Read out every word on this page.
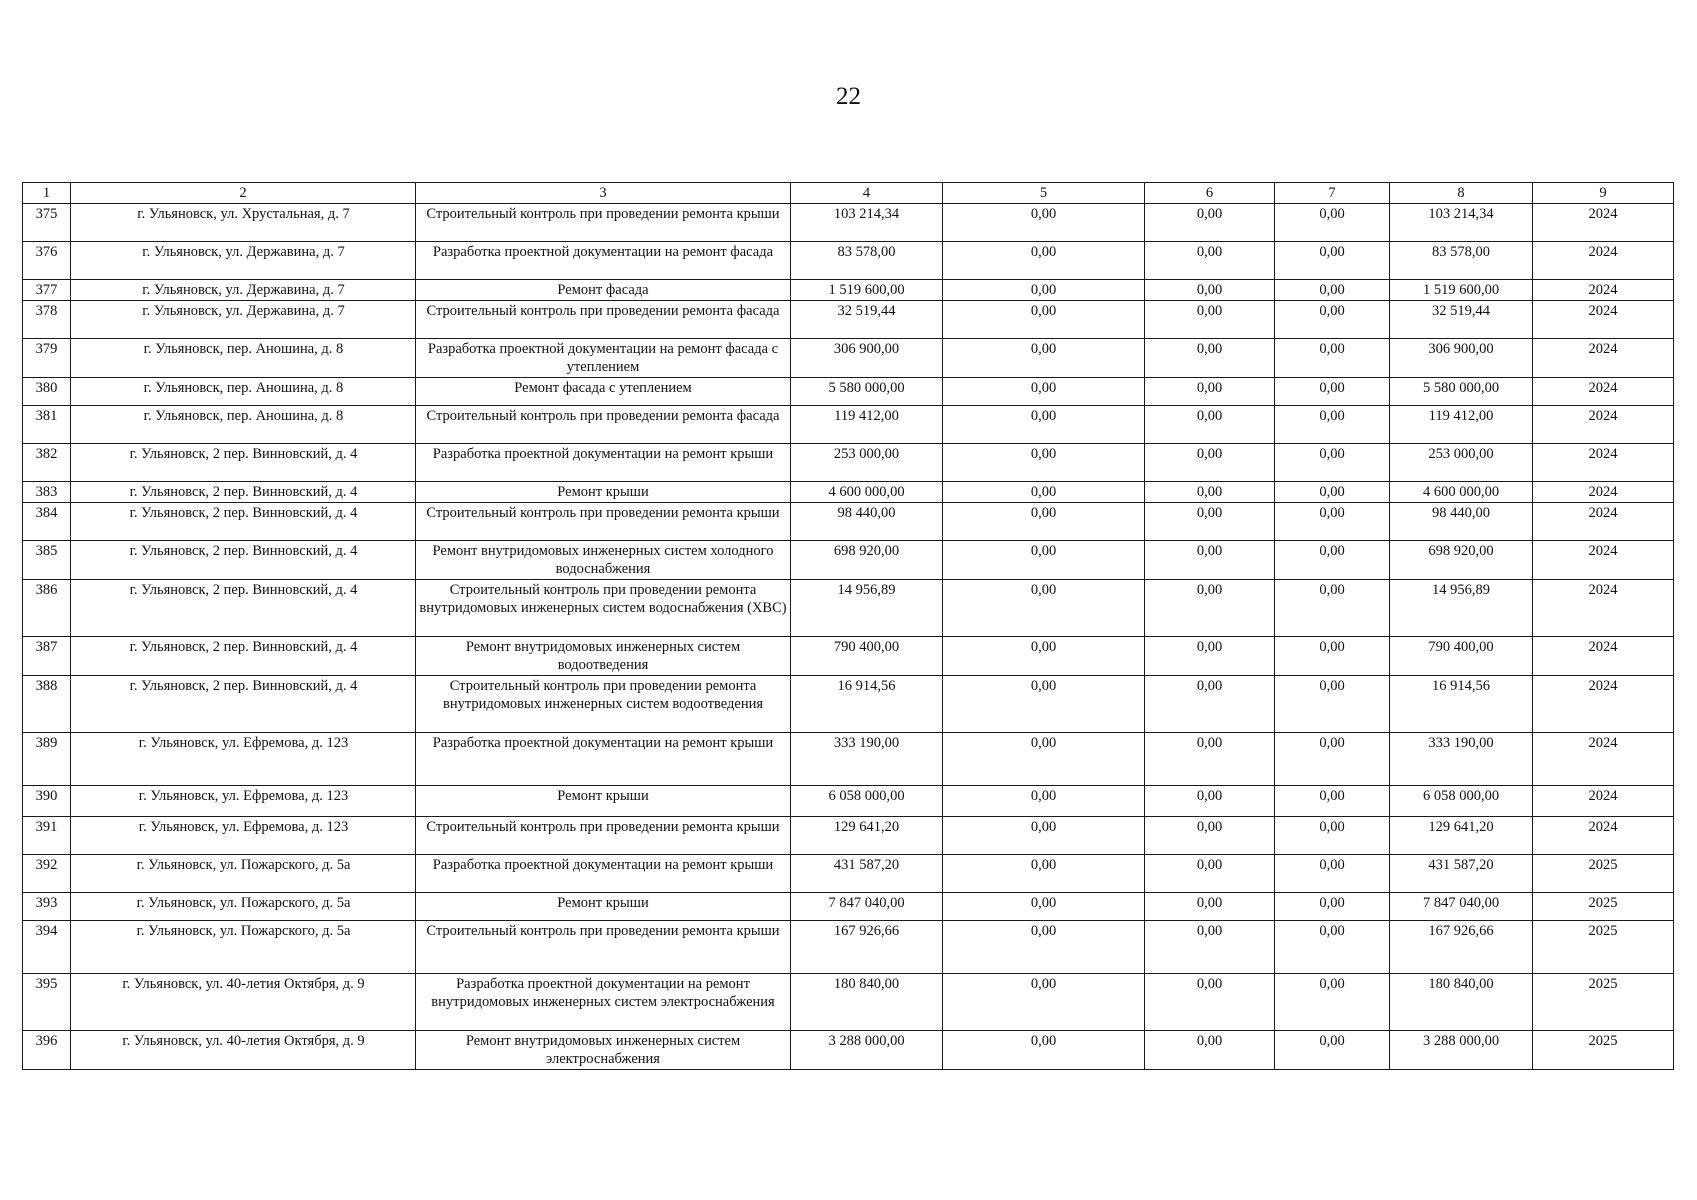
22
1	2	3	4	5	6	7	8	9
375	г. Ульяновск, ул. Хрустальная, д. 7	Строительный контроль при проведении ремонта крыши	103 214,34	0,00	0,00	0,00	103 214,34	2024
376	г. Ульяновск, ул. Державина, д. 7	Разработка проектной документации на ремонт фасада	83 578,00	0,00	0,00	0,00	83 578,00	2024
377	г. Ульяновск, ул. Державина, д. 7	Ремонт фасада	1 519 600,00	0,00	0,00	0,00	1 519 600,00	2024
378	г. Ульяновск, ул. Державина, д. 7	Строительный контроль при проведении ремонта фасада	32 519,44	0,00	0,00	0,00	32 519,44	2024
379	г. Ульяновск, пер. Аношина, д. 8	Разработка проектной документации на ремонт фасада с утеплением	306 900,00	0,00	0,00	0,00	306 900,00	2024
380	г. Ульяновск, пер. Аношина, д. 8	Ремонт фасада с утеплением	5 580 000,00	0,00	0,00	0,00	5 580 000,00	2024
381	г. Ульяновск, пер. Аношина, д. 8	Строительный контроль при проведении ремонта фасада	119 412,00	0,00	0,00	0,00	119 412,00	2024
382	г. Ульяновск, 2 пер. Винновский, д. 4	Разработка проектной документации на ремонт крыши	253 000,00	0,00	0,00	0,00	253 000,00	2024
383	г. Ульяновск, 2 пер. Винновский, д. 4	Ремонт крыши	4 600 000,00	0,00	0,00	0,00	4 600 000,00	2024
384	г. Ульяновск, 2 пер. Винновский, д. 4	Строительный контроль при проведении ремонта крыши	98 440,00	0,00	0,00	0,00	98 440,00	2024
385	г. Ульяновск, 2 пер. Винновский, д. 4	Ремонт внутридомовых инженерных систем холодного водоснабжения	698 920,00	0,00	0,00	0,00	698 920,00	2024
386	г. Ульяновск, 2 пер. Винновский, д. 4	Строительный контроль при проведении ремонта внутридомовых инженерных систем водоснабжения (ХВС)	14 956,89	0,00	0,00	0,00	14 956,89	2024
387	г. Ульяновск, 2 пер. Винновский, д. 4	Ремонт внутридомовых инженерных систем водоотведения	790 400,00	0,00	0,00	0,00	790 400,00	2024
388	г. Ульяновск, 2 пер. Винновский, д. 4	Строительный контроль при проведении ремонта внутридомовых инженерных систем водоотведения	16 914,56	0,00	0,00	0,00	16 914,56	2024
389	г. Ульяновск, ул. Ефремова, д. 123	Разработка проектной документации на ремонт крыши	333 190,00	0,00	0,00	0,00	333 190,00	2024
390	г. Ульяновск, ул. Ефремова, д. 123	Ремонт крыши	6 058 000,00	0,00	0,00	0,00	6 058 000,00	2024
391	г. Ульяновск, ул. Ефремова, д. 123	Строительный контроль при проведении ремонта крыши	129 641,20	0,00	0,00	0,00	129 641,20	2024
392	г. Ульяновск, ул. Пожарского, д. 5а	Разработка проектной документации на ремонт крыши	431 587,20	0,00	0,00	0,00	431 587,20	2025
393	г. Ульяновск, ул. Пожарского, д. 5а	Ремонт крыши	7 847 040,00	0,00	0,00	0,00	7 847 040,00	2025
394	г. Ульяновск, ул. Пожарского, д. 5а	Строительный контроль при проведении ремонта крыши	167 926,66	0,00	0,00	0,00	167 926,66	2025
395	г. Ульяновск, ул. 40-летия Октября, д. 9	Разработка проектной документации на ремонт внутридомовых инженерных систем электроснабжения	180 840,00	0,00	0,00	0,00	180 840,00	2025
396	г. Ульяновск, ул. 40-летия Октября, д. 9	Ремонт внутридомовых инженерных систем электроснабжения	3 288 000,00	0,00	0,00	0,00	3 288 000,00	2025
